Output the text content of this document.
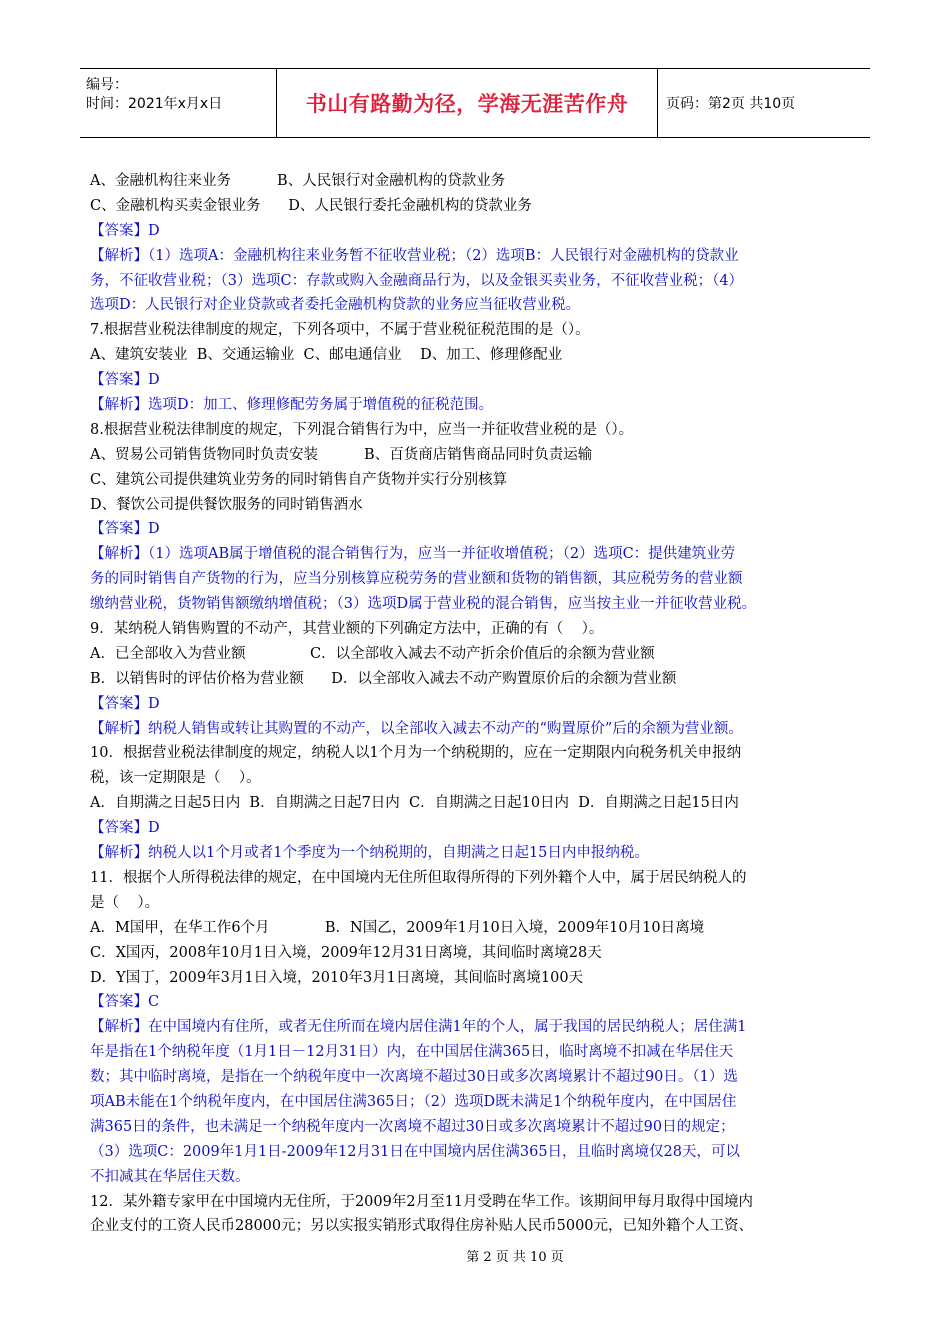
编号：
时间：2021年x月x日	书山有路勤为径，学海无涯苦作舟	页码：第2页 共10页
A、金融机构往来业务          B、人民银行对金融机构的贷款业务
C、金融机构买卖金银业务      D、人民银行委托金融机构的贷款业务
【答案】D
【解析】（1）选项A：金融机构往来业务暂不征收营业税；（2）选项B：人民银行对金融机构的贷款业
务，不征收营业税；（3）选项C：存款或购入金融商品行为，以及金银买卖业务，不征收营业税；（4）
选项D：人民银行对企业贷款或者委托金融机构贷款的业务应当征收营业税。
7.根据营业税法律制度的规定，下列各项中，不属于营业税征税范围的是（）。
A、建筑安装业  B、交通运输业  C、邮电通信业    D、加工、修理修配业
【答案】D
【解析】选项D：加工、修理修配劳务属于增值税的征税范围。
8.根据营业税法律制度的规定，下列混合销售行为中，应当一并征收营业税的是（）。
A、贸易公司销售货物同时负责安装          B、百货商店销售商品同时负责运输
C、建筑公司提供建筑业劳务的同时销售自产货物并实行分别核算
D、餐饮公司提供餐饮服务的同时销售酒水
【答案】D
【解析】（1）选项AB属于增值税的混合销售行为，应当一并征收增值税；（2）选项C：提供建筑业劳
务的同时销售自产货物的行为，应当分别核算应税劳务的营业额和货物的销售额，其应税劳务的营业额
缴纳营业税，货物销售额缴纳增值税；（3）选项D属于营业税的混合销售，应当按主业一并征收营业税。
9．某纳税人销售购置的不动产，其营业额的下列确定方法中，正确的有（    ）。
A．已全部收入为营业额              C．以全部收入减去不动产折余价值后的余额为营业额
B．以销售时的评估价格为营业额      D．以全部收入减去不动产购置原价后的余额为营业额
【答案】D
【解析】纳税人销售或转让其购置的不动产，以全部收入减去不动产的“购置原价”后的余额为营业额。
10．根据营业税法律制度的规定，纳税人以1个月为一个纳税期的，应在一定期限内向税务机关申报纳
税，该一定期限是（    ）。
A．自期满之日起5日内  B．自期满之日起7日内  C．自期满之日起10日内  D．自期满之日起15日内
【答案】D
【解析】纳税人以1个月或者1个季度为一个纳税期的，自期满之日起15日内申报纳税。
11．根据个人所得税法律的规定，在中国境内无住所但取得所得的下列外籍个人中，属于居民纳税人的
是（    ）。
A．M国甲，在华工作6个月            B．N国乙，2009年1月10日入境，2009年10月10日离境
C．X国丙，2008年10月1日入境，2009年12月31日离境，其间临时离境28天
D．Y国丁，2009年3月1日入境，2010年3月1日离境，其间临时离境100天
【答案】C
【解析】在中国境内有住所，或者无住所而在境内居住满1年的个人，属于我国的居民纳税人；居住满1
年是指在1个纳税年度（1月1日－12月31日）内，在中国居住满365日，临时离境不扣减在华居住天
数；其中临时离境，是指在一个纳税年度中一次离境不超过30日或多次离境累计不超过90日。（1）选
项AB未能在1个纳税年度内，在中国居住满365日；（2）选项D既未满足1个纳税年度内，在中国居住
满365日的条件，也未满足一个纳税年度内一次离境不超过30日或多次离境累计不超过90日的规定；
（3）选项C：2009年1月1日-2009年12月31日在中国境内居住满365日，且临时离境仅28天，可以
不扣减其在华居住天数。
12．某外籍专家甲在中国境内无住所，于2009年2月至11月受聘在华工作。该期间甲每月取得中国境内
企业支付的工资人民币28000元；另以实报实销形式取得住房补贴人民币5000元，已知外籍个人工资、
第 2 页 共 10 页
